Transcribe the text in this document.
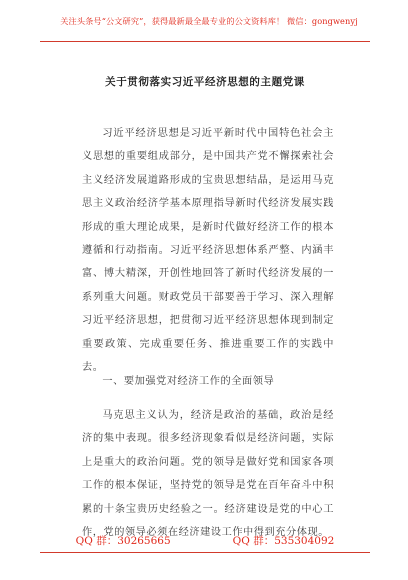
关注头条号“公文研究”，获得最新最全最专业的公文资料库！ 微信：gongwenyj
关于贯彻落实习近平经济思想的主题党课

习近平经济思想是习近平新时代中国特色社会主义思想的重要组成部分，是中国共产党不懈探索社会主义经济发展道路形成的宝贵思想结晶，是运用马克思主义政治经济学基本原理指导新时代经济发展实践形成的重大理论成果，是新时代做好经济工作的根本遵循和行动指南。习近平经济思想体系严整、内涵丰富、博大精深，开创性地回答了新时代经济发展的一系列重大问题。财政党员干部要善于学习、深入理解习近平经济思想，把贯彻习近平经济思想体现到制定重要政策、完成重要任务、推进重要工作的实践中去。

一、要加强党对经济工作的全面领导

马克思主义认为，经济是政治的基础，政治是经济的集中表现。很多经济现象看似是经济问题，实际上是重大的政治问题。党的领导是做好党和国家各项工作的根本保证，坚持党的领导是党在百年奋斗中积累的十条宝贵历史经验之一。经济建设是党的中心工作，党的领导必须在经济建设工作中得到充分体现。

QQ 群：30265665	QQ 群：535304092
